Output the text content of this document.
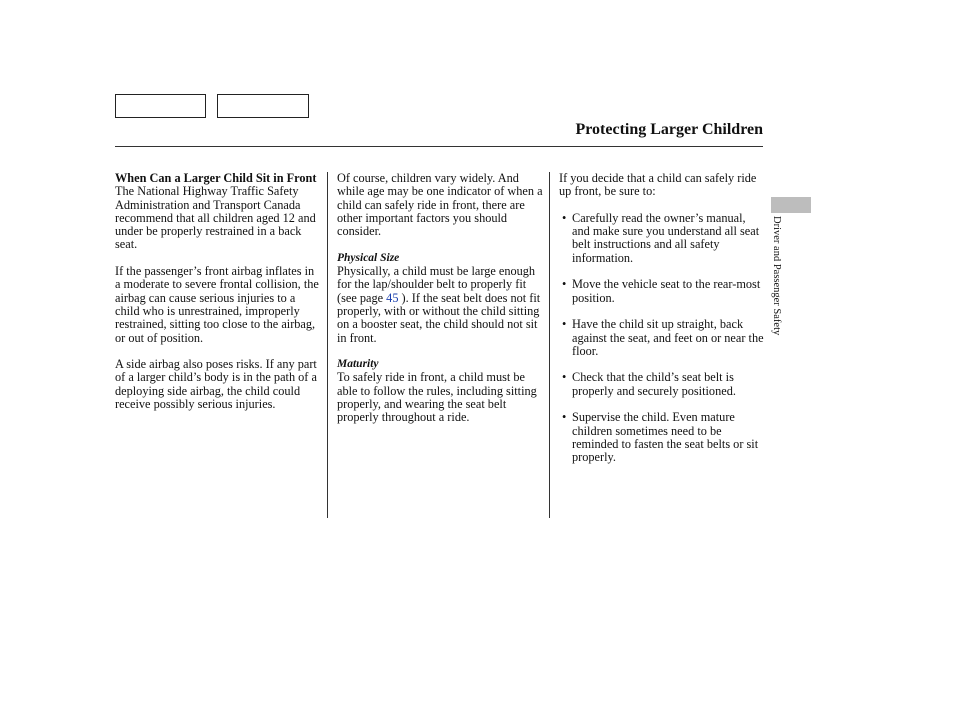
Protecting Larger Children
When Can a Larger Child Sit in Front

The National Highway Traffic Safety Administration and Transport Canada recommend that all children aged 12 and under be properly restrained in a back seat.

If the passenger’s front airbag inflates in a moderate to severe frontal collision, the airbag can cause serious injuries to a child who is unrestrained, improperly restrained, sitting too close to the airbag, or out of position.

A side airbag also poses risks. If any part of a larger child’s body is in the path of a deploying side airbag, the child could receive possibly serious injuries.

Of course, children vary widely. And while age may be one indicator of when a child can safely ride in front, there are other important factors you should consider.

Physical Size

Physically, a child must be large enough for the lap/shoulder belt to properly fit (see page 45 ). If the seat belt does not fit properly, with or without the child sitting on a booster seat, the child should not sit in front.

Maturity

To safely ride in front, a child must be able to follow the rules, including sitting properly, and wearing the seat belt properly throughout a ride.

If you decide that a child can safely ride up front, be sure to:

• Carefully read the owner’s manual, and make sure you understand all seat belt instructions and all safety information.
• Move the vehicle seat to the rear-most position.
• Have the child sit up straight, back against the seat, and feet on or near the floor.
• Check that the child’s seat belt is properly and securely positioned.
• Supervise the child. Even mature children sometimes need to be reminded to fasten the seat belts or sit properly.
Driver and Passenger Safety
